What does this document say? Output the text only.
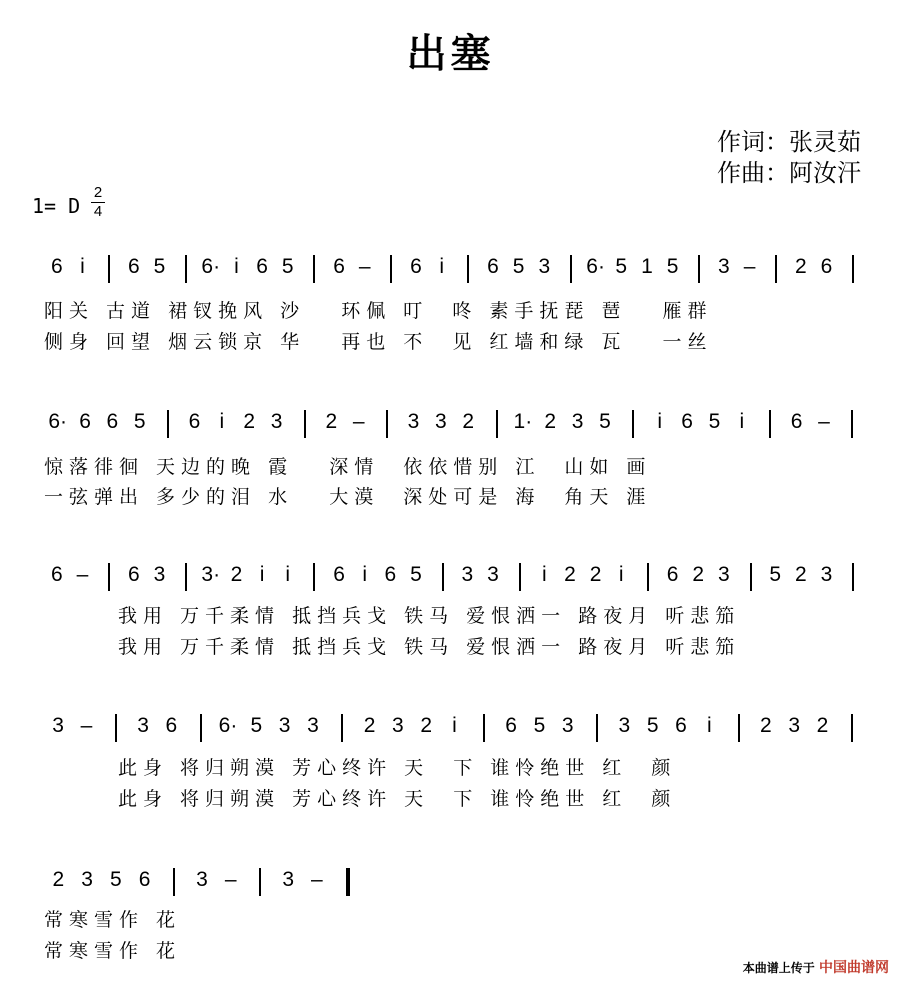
出塞
作词：张灵茹
作曲：阿汝汗
1= D
2
4
6 i	6 5	6· i 6 5	6 –	6 i	6 5 3	6· 5 1 5	3 –	2 6
阳关 古道 裙钗挽风 沙   环佩 叮  咚 素手抚琵 琶   雁群
侧身 回望 烟云锁京 华   再也 不  见 红墙和绿 瓦   一丝
6· 6 6 5	6 i 2 3	2 –	3 3 2	1· 2 3 5	i 6 5 i	6 –
惊落徘徊 天边的晚 霞   深情  依依惜别 江  山如 画
一弦弹出 多少的泪 水   大漠  深处可是 海  角天 涯
6 –	6 3	3· 2 i i	6 i 6 5	3 3	i 2 2 i	6 2 3	5 2 3
我用 万千柔情 抵挡兵戈 铁马 爱恨洒一 路夜月 听悲笳
我用 万千柔情 抵挡兵戈 铁马 爱恨洒一 路夜月 听悲笳
3 –	3 6	6· 5 3 3	2 3 2 i	6 5 3	3 5 6 i	2 3 2
此身 将归朔漠 芳心终许 天  下 谁怜绝世 红  颜
此身 将归朔漠 芳心终许 天  下 谁怜绝世 红  颜
2 3 5 6	3 –	3 –
常寒雪作 花
常寒雪作 花
本曲谱上传于 中国曲谱网
